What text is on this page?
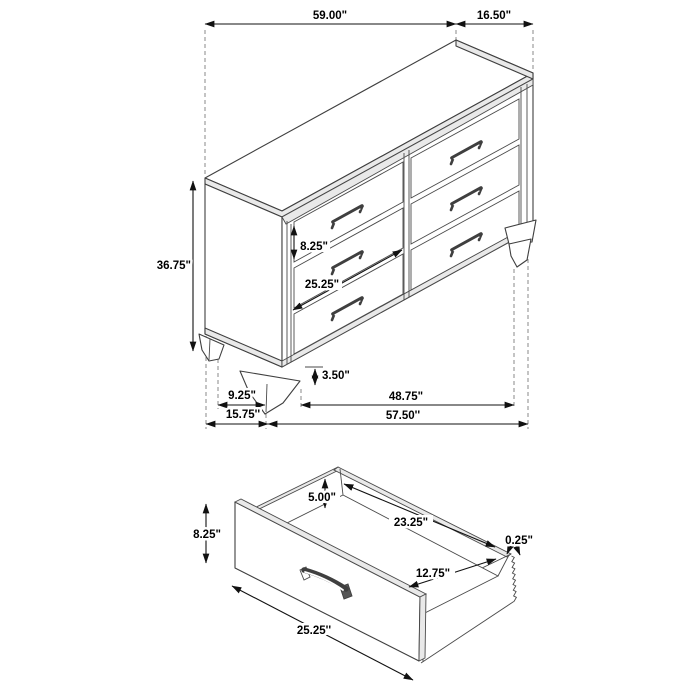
59.00"	16.50"
36.75"
8.25"
25.25"
3.50"
9.25"	48.75"
15.75''	57.50''
8.25"
5.00"
23.25"
0.25"
12.75"
25.25''
